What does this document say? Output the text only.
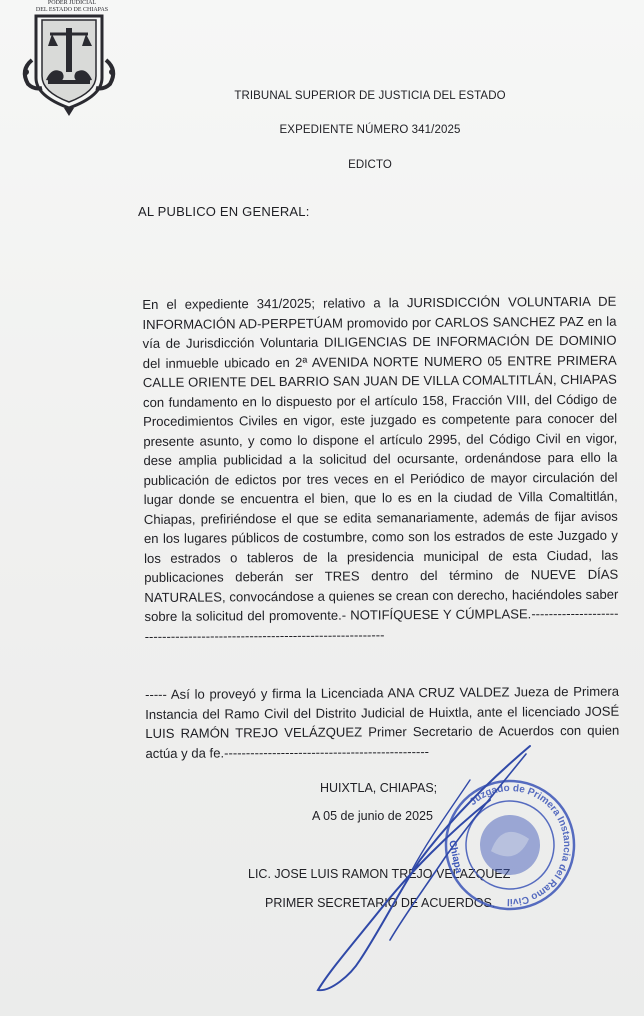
PODER JUDICIAL
DEL ESTADO DE CHIAPAS
TRIBUNAL SUPERIOR DE JUSTICIA DEL ESTADO
EXPEDIENTE NÚMERO 341/2025
EDICTO
AL PUBLICO EN GENERAL:

En el expediente 341/2025; relativo a la JURISDICCIÓN VOLUNTARIA DE INFORMACIÓN AD-PERPETÚAM promovido por CARLOS SANCHEZ PAZ en la vía de Jurisdicción Voluntaria DILIGENCIAS DE INFORMACIÓN DE DOMINIO del inmueble ubicado en 2ª AVENIDA NORTE NUMERO 05 ENTRE PRIMERA CALLE ORIENTE DEL BARRIO SAN JUAN DE VILLA COMALTITLÁN, CHIAPAS con fundamento en lo dispuesto por el artículo 158, Fracción VIII, del Código de Procedimientos Civiles en vigor, este juzgado es competente para conocer del presente asunto, y como lo dispone el artículo 2995, del Código Civil en vigor, dese amplia publicidad a la solicitud del ocursante, ordenándose para ello la publicación de edictos por tres veces en el Periódico de mayor circulación del lugar donde se encuentra el bien, que lo es en la ciudad de Villa Comaltitlán, Chiapas, prefiriéndose el que se edita semanariamente, además de fijar avisos en los lugares públicos de costumbre, como son los estrados de este Juzgado y los estrados o tableros de la presidencia municipal de esta Ciudad, las publicaciones deberán ser TRES dentro del término de NUEVE DÍAS NATURALES, convocándose a quienes se crean con derecho, haciéndoles saber sobre la solicitud del promovente.- NOTIFÍQUESE Y CÚMPLASE.---------------------------------------------------------------------------

----- Así lo proveyó y firma la Licenciada ANA CRUZ VALDEZ Jueza de Primera Instancia del Ramo Civil del Distrito Judicial de Huixtla, ante el licenciado JOSÉ LUIS RAMÓN TREJO VELÁZQUEZ Primer Secretario de Acuerdos con quien actúa y da fe.-----------------------------------------------

HUIXTLA, CHIAPAS;
A 05 de junio de 2025
LIC. JOSE LUIS RAMON TREJO VELAZQUEZ
PRIMER SECRETARIO DE ACUERDOS.
Juzgado de Primera Instancia del Ramo Civil
Chiapa
